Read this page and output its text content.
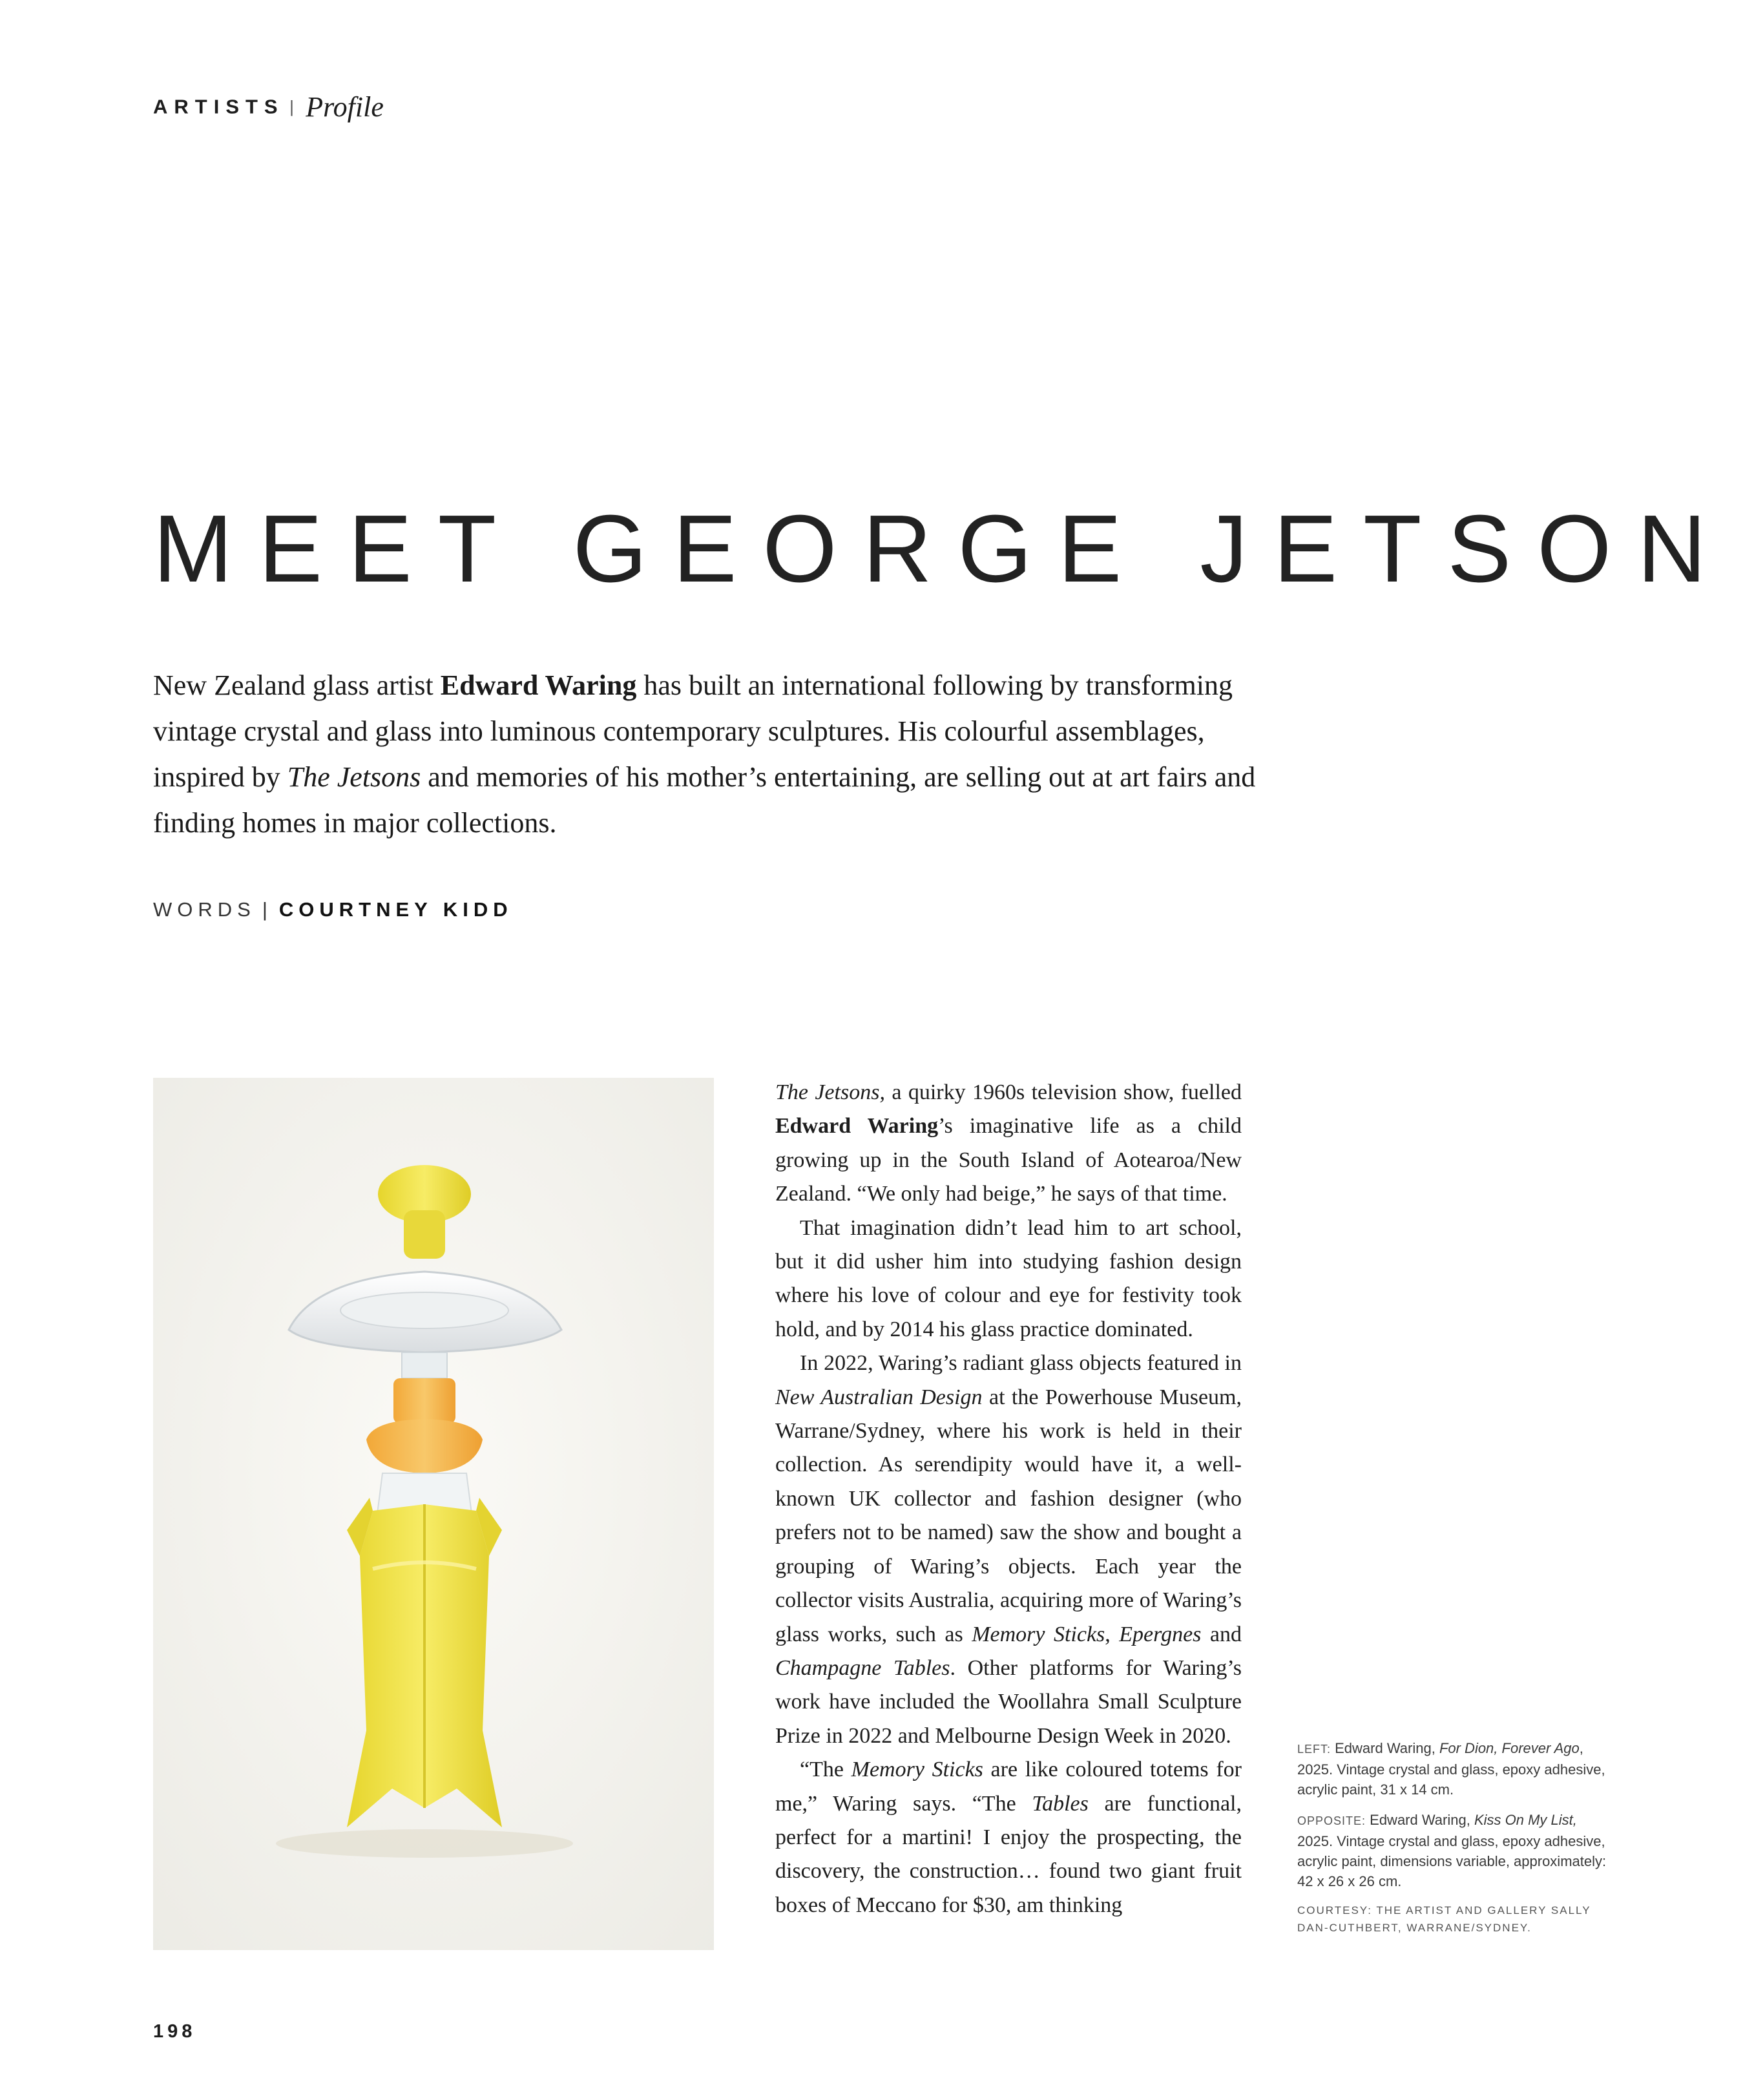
ARTISTS | Profile
MEET GEORGE JETSON

New Zealand glass artist Edward Waring has built an international following by transforming vintage crystal and glass into luminous contemporary sculptures. His colourful assemblages, inspired by The Jetsons and memories of his mother’s entertaining, are selling out at art fairs and finding homes in major collections.

WORDS | COURTNEY KIDD

The Jetsons, a quirky 1960s television show, fuelled Edward Waring’s imaginative life as a child growing up in the South Island of Aotearoa/New Zealand. “We only had beige,” he says of that time.

That imagination didn’t lead him to art school, but it did usher him into studying fashion design where his love of colour and eye for festivity took hold, and by 2014 his glass practice dominated.

In 2022, Waring’s radiant glass objects featured in New Australian Design at the Powerhouse Museum, Warrane/Sydney, where his work is held in their collection. As serendipity would have it, a well-known UK collector and fashion designer (who prefers not to be named) saw the show and bought a grouping of Waring’s objects. Each year the collector visits Australia, acquiring more of Waring’s glass works, such as Memory Sticks, Epergnes and Champagne Tables. Other platforms for Waring’s work have included the Woollahra Small Sculpture Prize in 2022 and Melbourne Design Week in 2020.

“The Memory Sticks are like coloured totems for me,” Waring says. “The Tables are functional, perfect for a martini! I enjoy the prospecting, the discovery, the construction… found two giant fruit boxes of Meccano for $30, am thinking

LEFT: Edward Waring, For Dion, Forever Ago, 2025. Vintage crystal and glass, epoxy adhesive, acrylic paint, 31 x 14 cm.

OPPOSITE: Edward Waring, Kiss On My List, 2025. Vintage crystal and glass, epoxy adhesive, acrylic paint, dimensions variable, approximately: 42 x 26 x 26 cm.

COURTESY: THE ARTIST AND GALLERY SALLY DAN-CUTHBERT, WARRANE/SYDNEY.

198
